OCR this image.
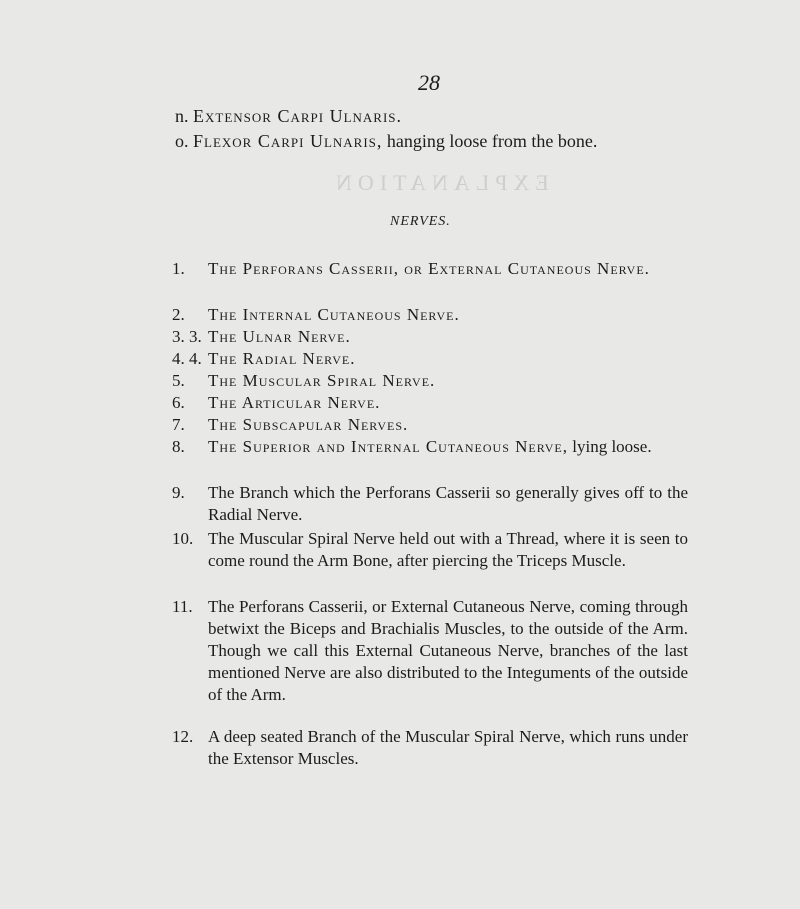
EXPLANATION
28
n. Extensor Carpi Ulnaris.
o. Flexor Carpi Ulnaris, hanging loose from the bone.
NERVES.
1.	The Perforans Casserii, or External Cutaneous Nerve.
2.	The Internal Cutaneous Nerve.
3. 3. The Ulnar Nerve.
4. 4. The Radial Nerve.
5.	The Muscular Spiral Nerve.
6.	The Articular Nerve.
7.	The Subscapular Nerves.
8.	The Superior and Internal Cutaneous Nerve, lying loose.
9.	The Branch which the Perforans Casserii so generally gives off to the Radial Nerve.
10. The Muscular Spiral Nerve held out with a Thread, where it is seen to come round the Arm Bone, after piercing the Triceps Muscle.
11. The Perforans Casserii, or External Cutaneous Nerve, coming through betwixt the Biceps and Brachialis Muscles, to the outside of the Arm. Though we call this External Cutaneous Nerve, branches of the last mentioned Nerve are also distributed to the Integuments of the outside of the Arm.
12. A deep seated Branch of the Muscular Spiral Nerve, which runs under the Extensor Muscles.
